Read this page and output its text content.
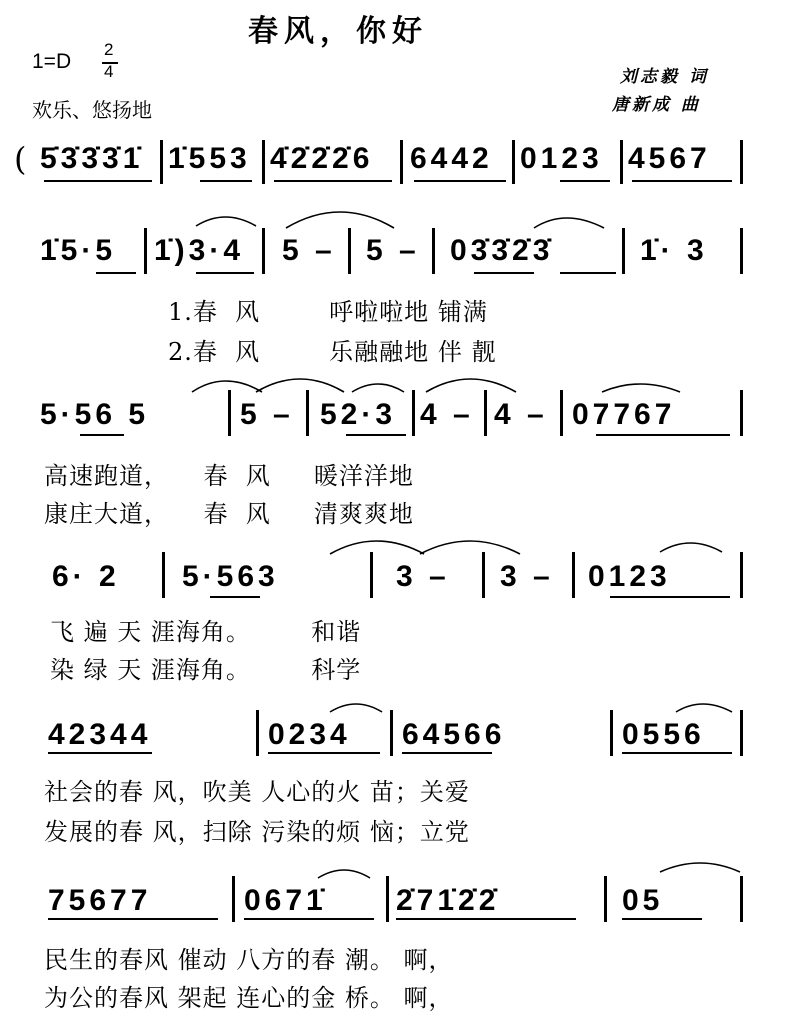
春风，你好
1=D
2
4
欢乐、悠扬地
刘志毅 词
唐新成 曲
( 5̇3̇3̇3̇1̇ 1̇553 4̇2̇2̇2̇6 6442 0123 4567
1̇5·5 1̇)3·4 5 – 5 – 03̇3̇2̇3̇	1̇· 3
1.春  风        呼啦啦地 铺满
2.春  风        乐融融地 伴 靓
5·56 5	5 – 52·3 4 – 4 – 07767
高速跑道，    春  风     暖洋洋地
康庄大道，    春  风     清爽爽地
6· 2 5·563	3 – 3 – 0123
飞 遍 天 涯海角。       和谐
染 绿 天 涯海角。       科学
42344	0234 64566	0556
社会的春 风，吹美 人心的火 苗；关爱
发展的春 风，扫除 污染的烦 恼；立党
75677	0671̇ 2̇71̇2̇2̇	05
民生的春风 催动 八方的春 潮。 啊，
为公的春风 架起 连心的金 桥。 啊，
